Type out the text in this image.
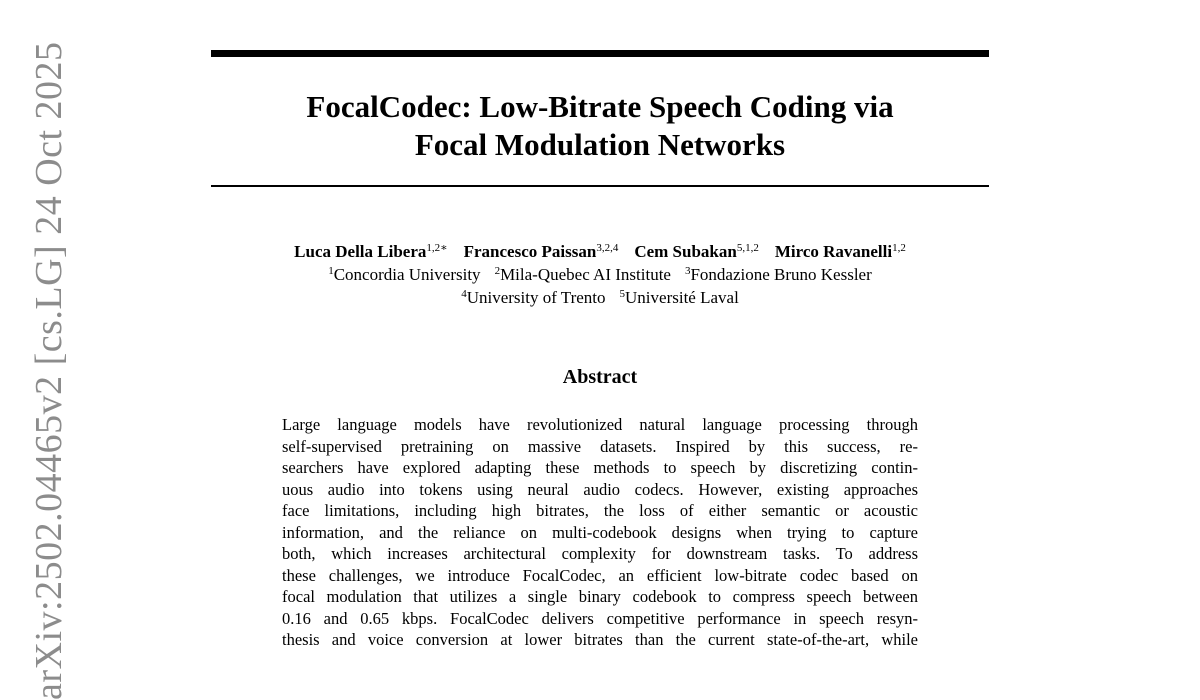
arXiv:2502.04465v2 [cs.LG] 24 Oct 2025	FocalCodec: Low-Bitrate Speech Coding via
Focal Modulation Networks
Luca Della Libera$^{1,2∗}$ Francesco Paissan$^{3,2,4}$ Cem Subakan$^{5,1,2}$ Mirco Ravanelli$^{1,2}$
$^1$Concordia University $^2$Mila-Quebec AI Institute $^3$Fondazione Bruno Kessler
$^4$University of Trento $^5$Université Laval
Abstract
Large language models have revolutionized natural language processing through
self-supervised pretraining on massive datasets. Inspired by this success, re-
searchers have explored adapting these methods to speech by discretizing contin-
uous audio into tokens using neural audio codecs. However, existing approaches
face limitations, including high bitrates, the loss of either semantic or acoustic
information, and the reliance on multi-codebook designs when trying to capture
both, which increases architectural complexity for downstream tasks. To address
these challenges, we introduce FocalCodec, an efficient low-bitrate codec based on
focal modulation that utilizes a single binary codebook to compress speech between
0.16 and 0.65 kbps. FocalCodec delivers competitive performance in speech resyn-
thesis and voice conversion at lower bitrates than the current state-of-the-art, while
